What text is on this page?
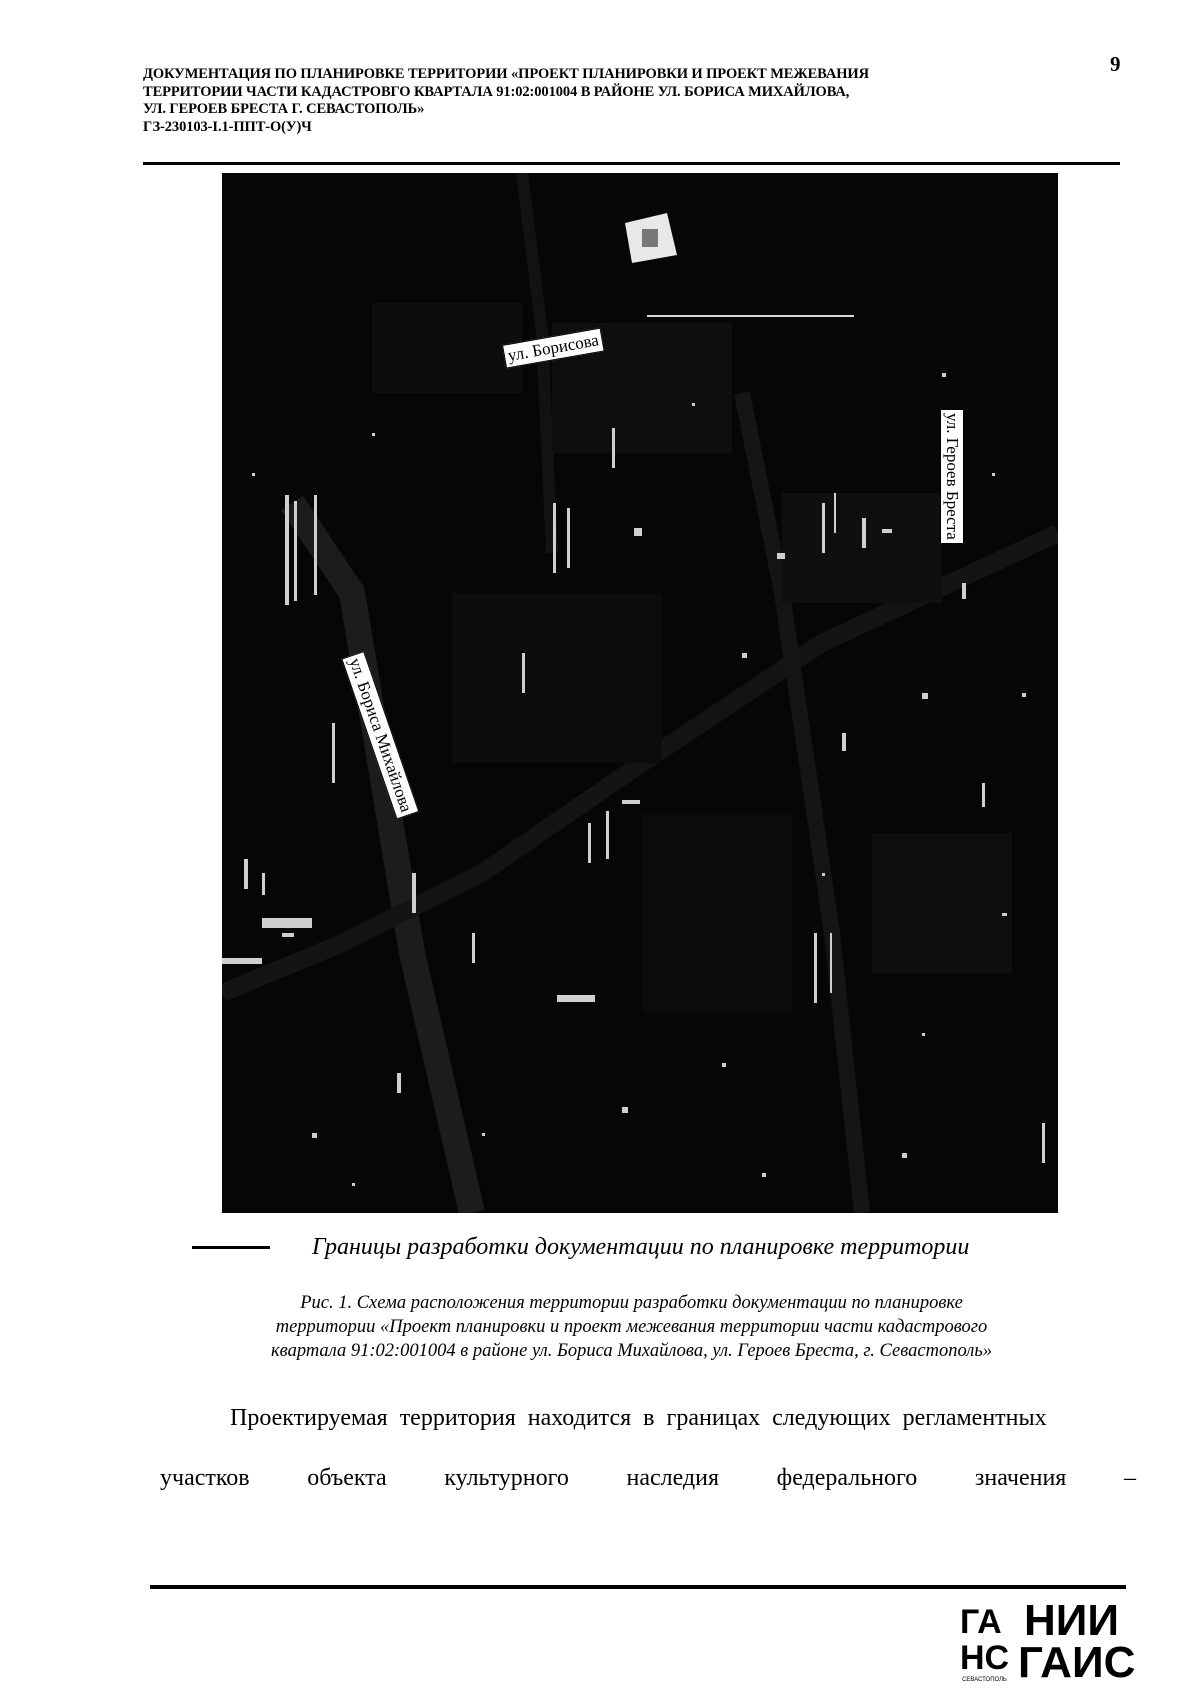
ДОКУМЕНТАЦИЯ ПО ПЛАНИРОВКЕ ТЕРРИТОРИИ «ПРОЕКТ ПЛАНИРОВКИ И ПРОЕКТ МЕЖЕВАНИЯ
ТЕРРИТОРИИ ЧАСТИ КАДАСТРОВГО КВАРТАЛА 91:02:001004 В РАЙОНЕ УЛ. БОРИСА МИХАЙЛОВА,
УЛ. ГЕРОЕВ БРЕСТА Г. СЕВАСТОПОЛЬ»
ГЗ-230103-I.1-ППТ-О(У)Ч
9
ул. Борисова
ул. Героев Бреста
ул. Бориса Михайлова
Границы разработки документации по планировке территории
Рис. 1. Схема расположения территории разработки документации по планировке
территории «Проект планировки и проект межевания территории части кадастрового
квартала 91:02:001004 в районе ул. Бориса Михайлова, ул. Героев Бреста, г. Севастополь»
Проектируемая территория находится в границах следующих регламентных
участков объекта культурного наследия федерального значения –
ГА
НС
СЕВАСТОПОЛЬ
НИИ
ГАИС
